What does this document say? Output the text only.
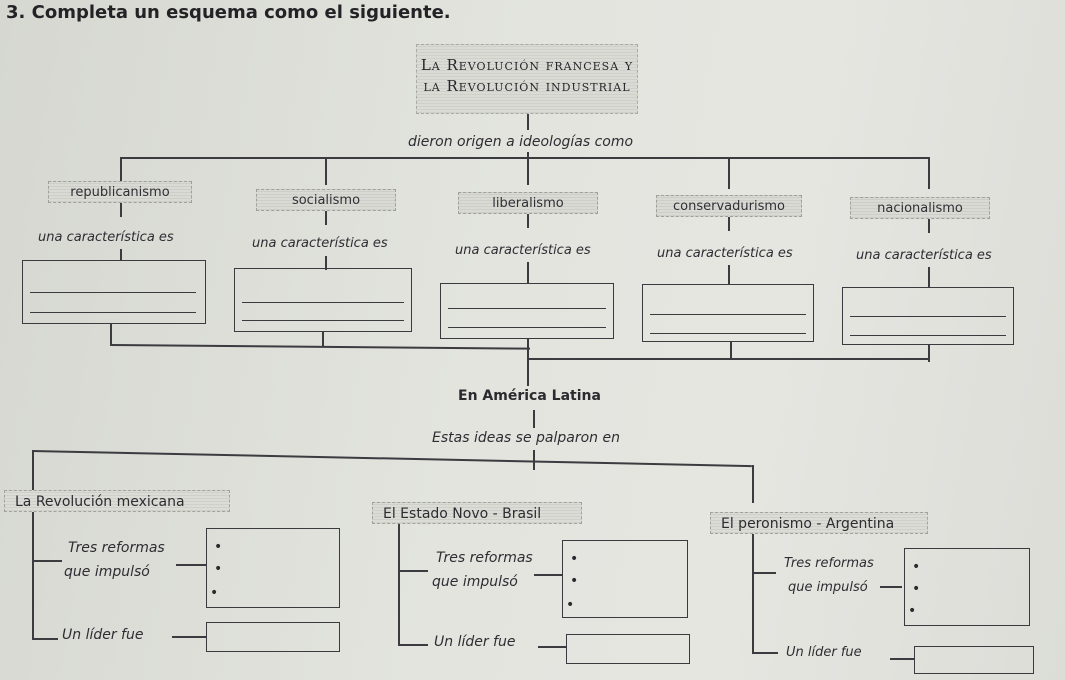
3. Completa un esquema como el siguiente.
La Revolución francesa y
la Revolución industrial
dieron origen a ideologías como
republicanismo
socialismo	liberalismo	conservadurismo	nacionalismo
una característica es	una característica es	una característica es	una característica es	una característica es
En América Latina
Estas ideas se palparon en
La Revolución mexicana
El Estado Novo - Brasil
El peronismo - Argentina
Tres reformas
que impulsó
•
•
•
Un líder fue
Tres reformas
que impulsó
•
•
•
Un líder fue
Tres reformas
que impulsó
•
•
•
Un líder fue
